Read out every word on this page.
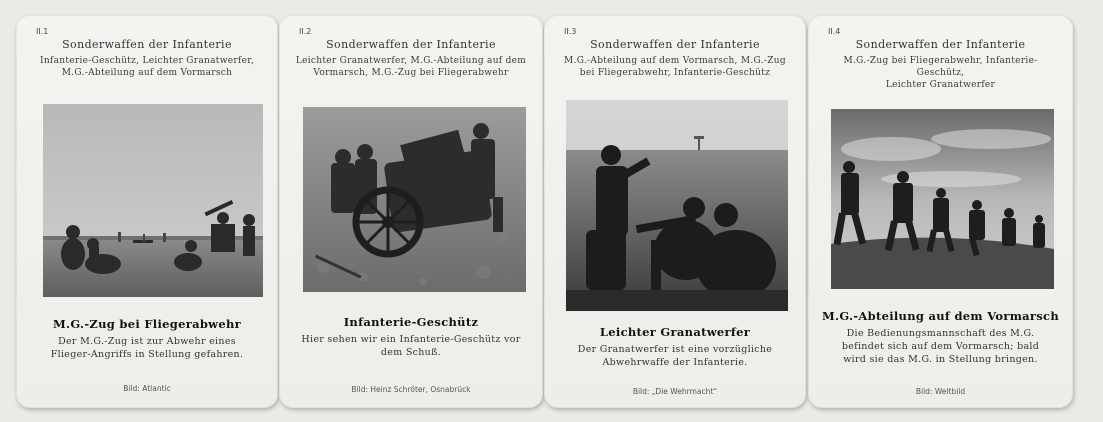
II.1
Sonderwaffen der Infanterie
Infanterie-Geschütz, Leichter Granatwerfer,
M.G.-Abteilung auf dem Vormarsch
M.G.-Zug bei Fliegerabwehr
Der M.G.-Zug ist zur Abwehr eines Flieger-Angriffs in Stellung gefahren.
Bild: Atlantic
II.2
Sonderwaffen der Infanterie
Leichter Granatwerfer, M.G.-Abteilung auf dem
Vormarsch, M.G.-Zug bei Fliegerabwehr
Infanterie-Geschütz
Hier sehen wir ein Infanterie-Geschütz vor dem Schuß.
Bild: Heinz Schröter, Osnabrück
II.3
Sonderwaffen der Infanterie
M.G.-Abteilung auf dem Vormarsch, M.G.-Zug
bei Fliegerabwehr, Infanterie-Geschütz
Leichter Granatwerfer
Der Granatwerfer ist eine vorzügliche Abwehrwaffe der Infanterie.
Bild: „Die Wehrmacht“
II.4
Sonderwaffen der Infanterie
M.G.-Zug bei Fliegerabwehr, Infanterie-Geschütz,
Leichter Granatwerfer
M.G.-Abteilung auf dem Vormarsch
Die Bedienungsmannschaft des M.G. befindet sich auf dem Vormarsch; bald wird sie das M.G. in Stellung bringen.
Bild: Weltbild
